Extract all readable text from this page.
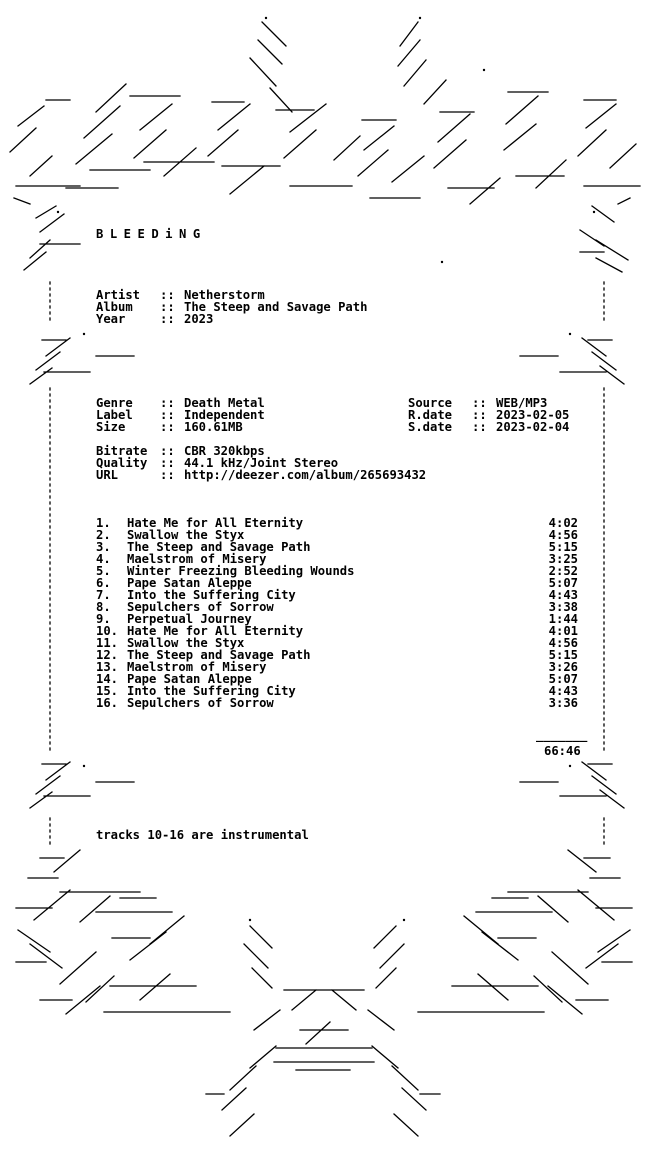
BLEEDiNG
Artist :: Netherstorm
Album :: The Steep and Savage Path
Year	:: 2023
Genre :: Death Metal
Label :: Independent
Size	:: 160.61MB
Source :: WEB/MP3
R.date :: 2023-02-05
S.date :: 2023-02-04
Bitrate :: CBR 320kbps
Quality :: 44.1 kHz/Joint Stereo
URL	:: http://deezer.com/album/265693432
1. Hate Me for All Eternity	4:02
2. Swallow the Styx	4:56
3. The Steep and Savage Path	5:15
4. Maelstrom of Misery	3:25
5. Winter Freezing Bleeding Wounds	2:52
6. Pape Satan Aleppe	5:07
7. Into the Suffering City	4:43
8. Sepulchers of Sorrow	3:38
9. Perpetual Journey	1:44
10. Hate Me for All Eternity	4:01
11. Swallow the Styx	4:56
12. The Steep and Savage Path	5:15
13. Maelstrom of Misery	3:26
14. Pape Satan Aleppe	5:07
15. Into the Suffering City	4:43
16. Sepulchers of Sorrow	3:36
_______
66:46
tracks 10-16 are instrumental
